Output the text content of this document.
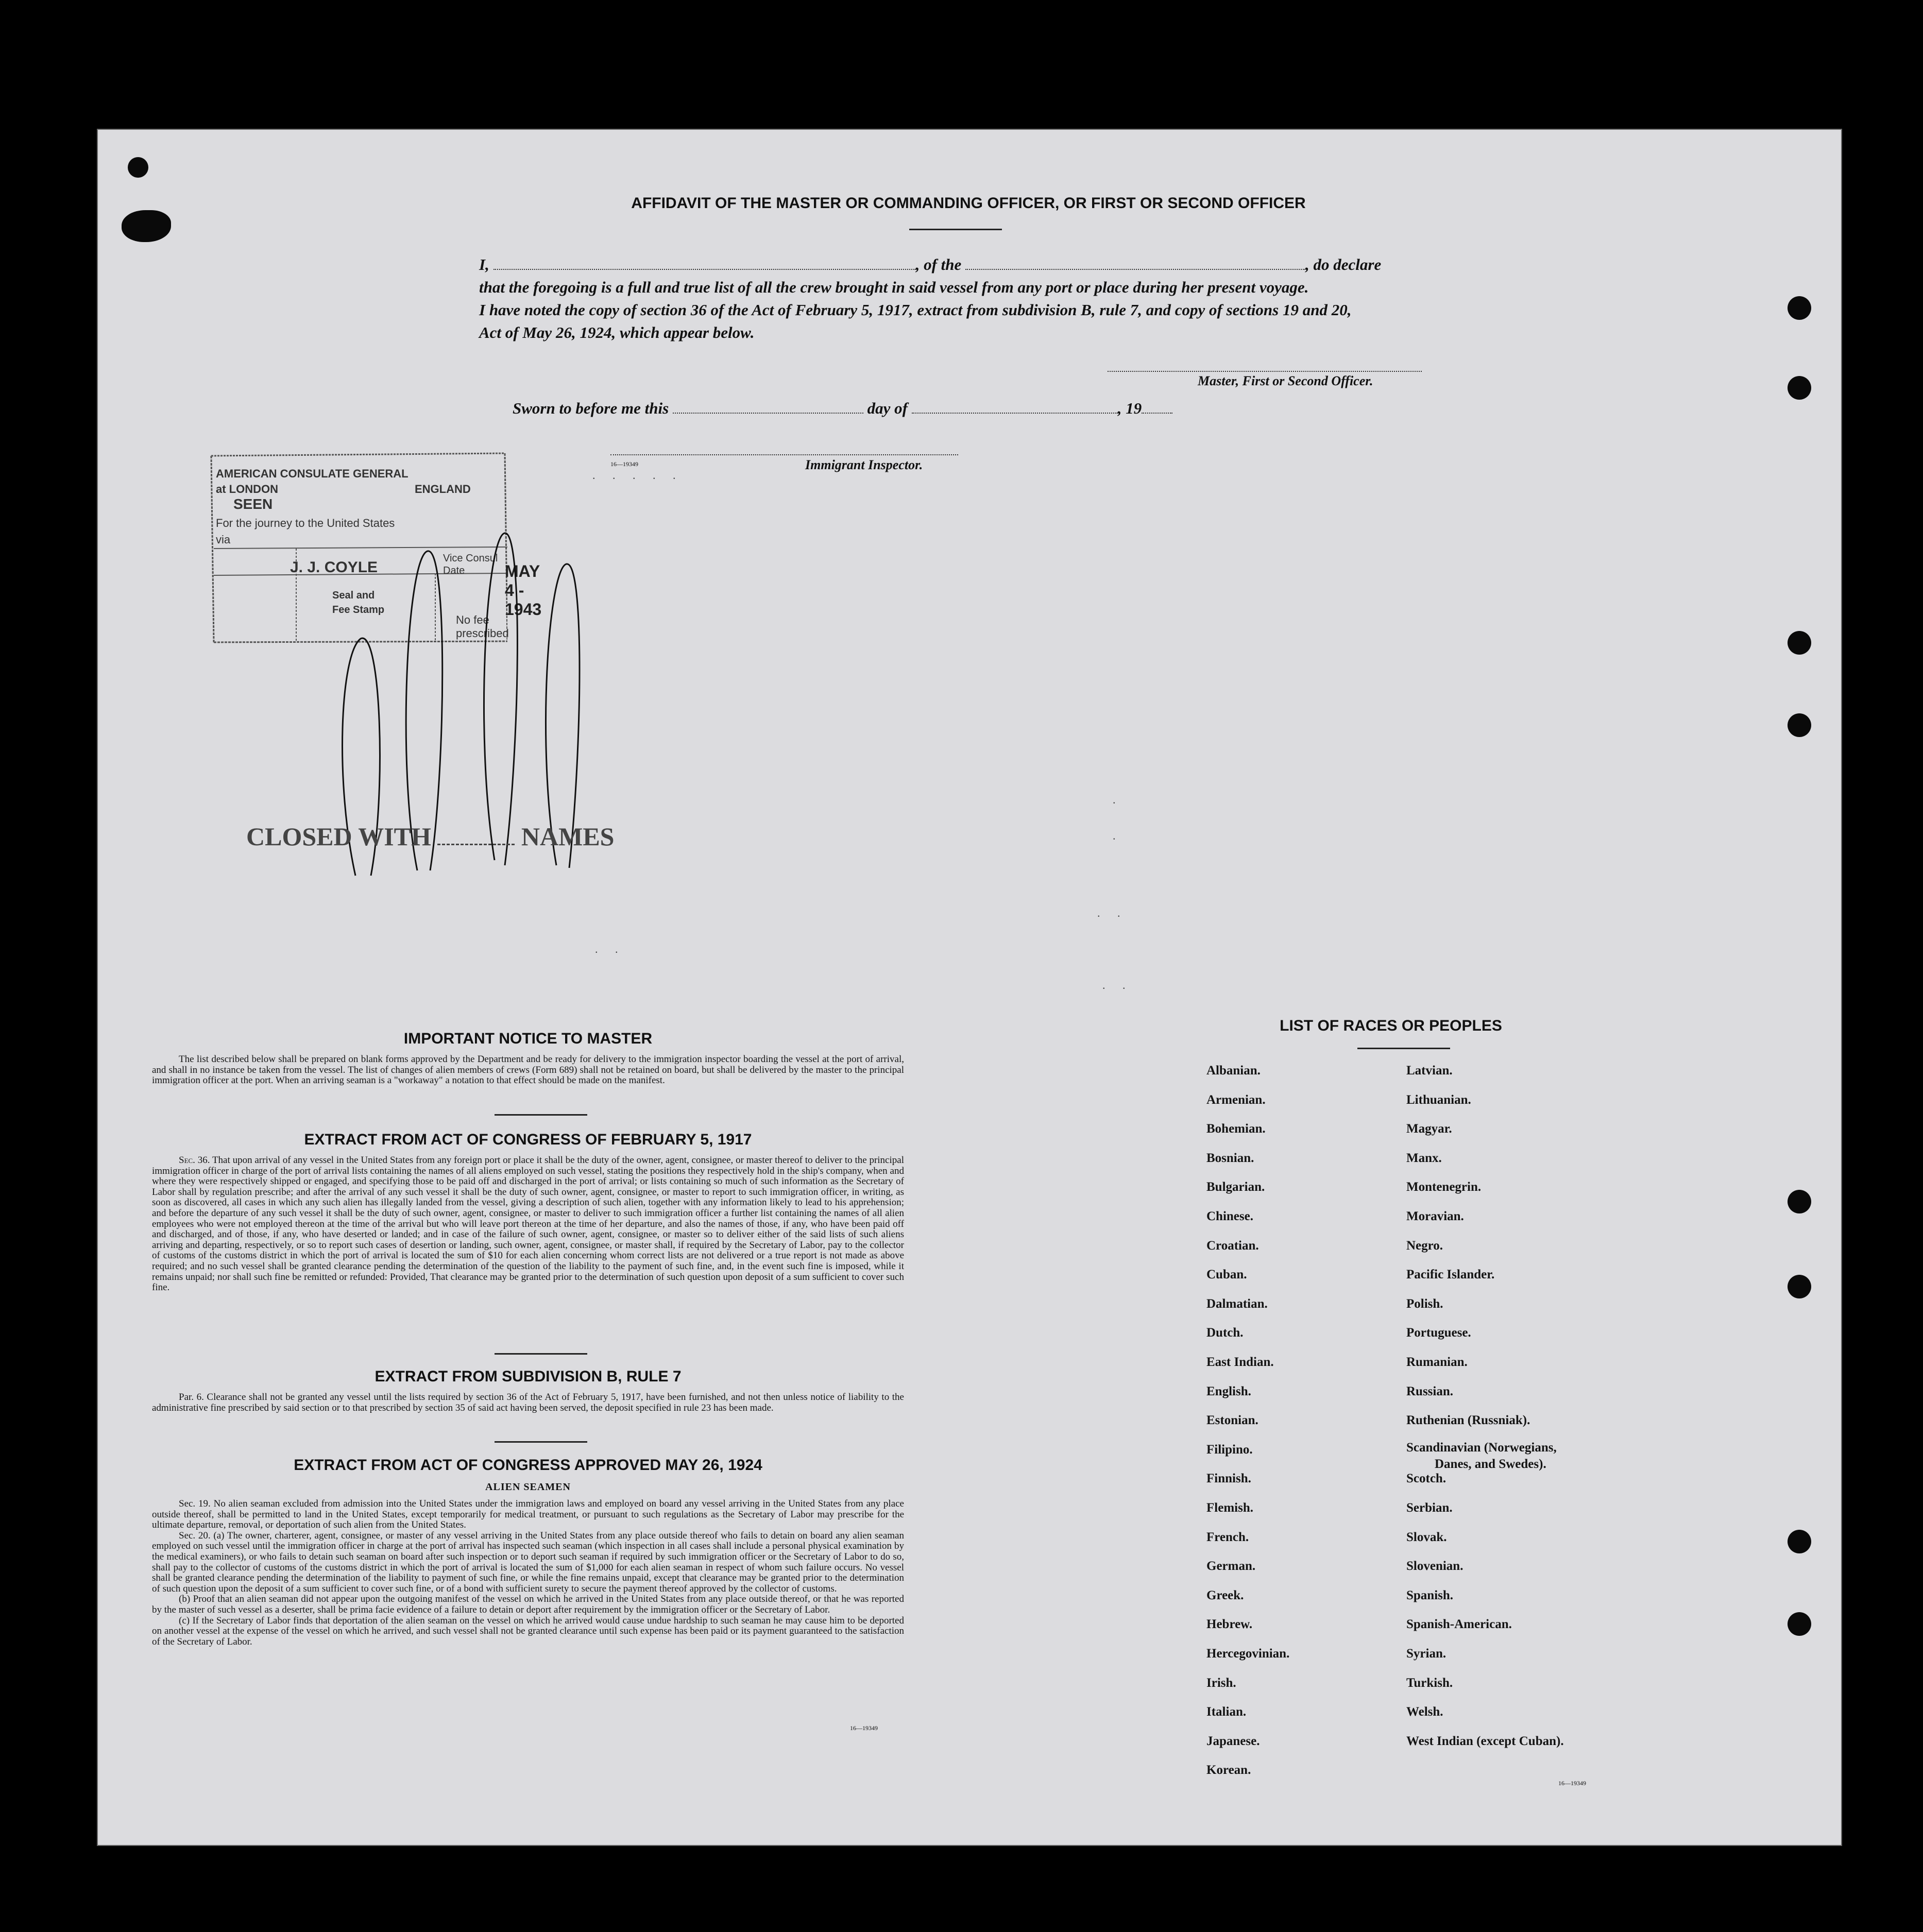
AFFIDAVIT OF THE MASTER OR COMMANDING OFFICER, OR FIRST OR SECOND OFFICER
I,	, of the	, do declare
that the foregoing is a full and true list of all the crew brought in said vessel from any port or place during her present voyage.
I have noted the copy of section 36 of the Act of February 5, 1917, extract from subdivision B, rule 7, and copy of sections 19 and 20,
Act of May 26, 1924, which appear below.
Master, First or Second Officer.
Sworn to before me this	day of	, 19
16—19349	Immigrant Inspector.
. . . . .
. .
.
.
. .
. .
AMERICAN CONSULATE GENERAL
at LONDON	ENGLAND
SEEN
For the journey to the United States
via
J. J. COYLE
Vice Consul
Date MAY 4 - 1943
Seal and
Fee Stamp
No fee prescribed
CLOSED WITH	NAMES
IMPORTANT NOTICE TO MASTER

The list described below shall be prepared on blank forms approved by the Department and be ready for delivery to the immigration inspector boarding the vessel at the port of arrival, and shall in no instance be taken from the vessel. The list of changes of alien members of crews (Form 689) shall not be retained on board, but shall be delivered by the master to the principal immigration officer at the port. When an arriving seaman is a "workaway" a notation to that effect should be made on the manifest.

EXTRACT FROM ACT OF CONGRESS OF FEBRUARY 5, 1917

Sec. 36. That upon arrival of any vessel in the United States from any foreign port or place it shall be the duty of the owner, agent, consignee, or master thereof to deliver to the principal immigration officer in charge of the port of arrival lists containing the names of all aliens employed on such vessel, stating the positions they respectively hold in the ship's company, when and where they were respectively shipped or engaged, and specifying those to be paid off and discharged in the port of arrival; or lists containing so much of such information as the Secretary of Labor shall by regulation prescribe; and after the arrival of any such vessel it shall be the duty of such owner, agent, consignee, or master to report to such immigration officer, in writing, as soon as discovered, all cases in which any such alien has illegally landed from the vessel, giving a description of such alien, together with any information likely to lead to his apprehension; and before the departure of any such vessel it shall be the duty of such owner, agent, consignee, or master to deliver to such immigration officer a further list containing the names of all alien employees who were not employed thereon at the time of the arrival but who will leave port thereon at the time of her departure, and also the names of those, if any, who have been paid off and discharged, and of those, if any, who have deserted or landed; and in case of the failure of such owner, agent, consignee, or master so to deliver either of the said lists of such aliens arriving and departing, respectively, or so to report such cases of desertion or landing, such owner, agent, consignee, or master shall, if required by the Secretary of Labor, pay to the collector of customs of the customs district in which the port of arrival is located the sum of $10 for each alien concerning whom correct lists are not delivered or a true report is not made as above required; and no such vessel shall be granted clearance pending the determination of the question of the liability to the payment of such fine, and, in the event such fine is imposed, while it remains unpaid; nor shall such fine be remitted or refunded: Provided, That clearance may be granted prior to the determination of such question upon deposit of a sum sufficient to cover such fine.

EXTRACT FROM SUBDIVISION B, RULE 7

Par. 6. Clearance shall not be granted any vessel until the lists required by section 36 of the Act of February 5, 1917, have been furnished, and not then unless notice of liability to the administrative fine prescribed by said section or to that prescribed by section 35 of said act having been served, the deposit specified in rule 23 has been made.

EXTRACT FROM ACT OF CONGRESS APPROVED MAY 26, 1924
ALIEN SEAMEN

Sec. 19. No alien seaman excluded from admission into the United States under the immigration laws and employed on board any vessel arriving in the United States from any place outside thereof, shall be permitted to land in the United States, except temporarily for medical treatment, or pursuant to such regulations as the Secretary of Labor may prescribe for the ultimate departure, removal, or deportation of such alien from the United States.

Sec. 20. (a) The owner, charterer, agent, consignee, or master of any vessel arriving in the United States from any place outside thereof who fails to detain on board any alien seaman employed on such vessel until the immigration officer in charge at the port of arrival has inspected such seaman (which inspection in all cases shall include a personal physical examination by the medical examiners), or who fails to detain such seaman on board after such inspection or to deport such seaman if required by such immigration officer or the Secretary of Labor to do so, shall pay to the collector of customs of the customs district in which the port of arrival is located the sum of $1,000 for each alien seaman in respect of whom such failure occurs. No vessel shall be granted clearance pending the determination of the liability to payment of such fine, or while the fine remains unpaid, except that clearance may be granted prior to the determination of such question upon the deposit of a sum sufficient to cover such fine, or of a bond with sufficient surety to secure the payment thereof approved by the collector of customs.

(b) Proof that an alien seaman did not appear upon the outgoing manifest of the vessel on which he arrived in the United States from any place outside thereof, or that he was reported by the master of such vessel as a deserter, shall be prima facie evidence of a failure to detain or deport after requirement by the immigration officer or the Secretary of Labor.

(c) If the Secretary of Labor finds that deportation of the alien seaman on the vessel on which he arrived would cause undue hardship to such seaman he may cause him to be deported on another vessel at the expense of the vessel on which he arrived, and such vessel shall not be granted clearance until such expense has been paid or its payment guaranteed to the satisfaction of the Secretary of Labor.

16—19349
LIST OF RACES OR PEOPLES
Albanian.
Armenian.
Bohemian.
Bosnian.
Bulgarian.
Chinese.
Croatian.
Cuban.
Dalmatian.
Dutch.
East Indian.
English.
Estonian.
Filipino.
Finnish.
Flemish.
French.
German.
Greek.
Hebrew.
Hercegovinian.
Irish.
Italian.
Japanese.
Korean.
Latvian.
Lithuanian.
Magyar.
Manx.
Montenegrin.
Moravian.
Negro.
Pacific Islander.
Polish.
Portuguese.
Rumanian.
Russian.
Ruthenian (Russniak).
Scandinavian (Norwegians,
Danes, and Swedes).
Scotch.
Serbian.
Slovak.
Slovenian.
Spanish.
Spanish-American.
Syrian.
Turkish.
Welsh.
West Indian (except Cuban).
16—19349
